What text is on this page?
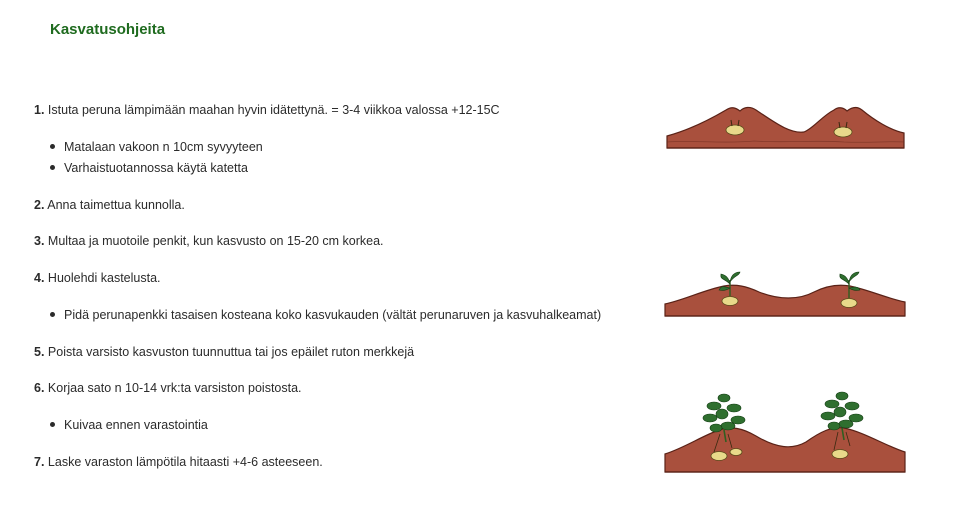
Kasvatusohjeita

1. Istuta peruna lämpimään maahan hyvin idätettynä. = 3-4 viikkoa valossa +12-15C

Matalaan vakoon n 10cm syvyyteen

Varhaistuotannossa käytä katetta

2. Anna taimettua kunnolla.

3. Multaa ja muotoile penkit, kun kasvusto on 15-20 cm korkea.

4. Huolehdi kastelusta.

Pidä perunapenkki tasaisen kosteana koko kasvukauden (vältät perunaruven ja kasvuhalkeamat)

5. Poista varsisto kasvuston tuunnuttua tai jos epäilet ruton merkkejä

6. Korjaa sato n 10-14 vrk:ta varsiston poistosta.

Kuivaa ennen varastointia

7. Laske varaston lämpötila hitaasti +4-6 asteeseen.
